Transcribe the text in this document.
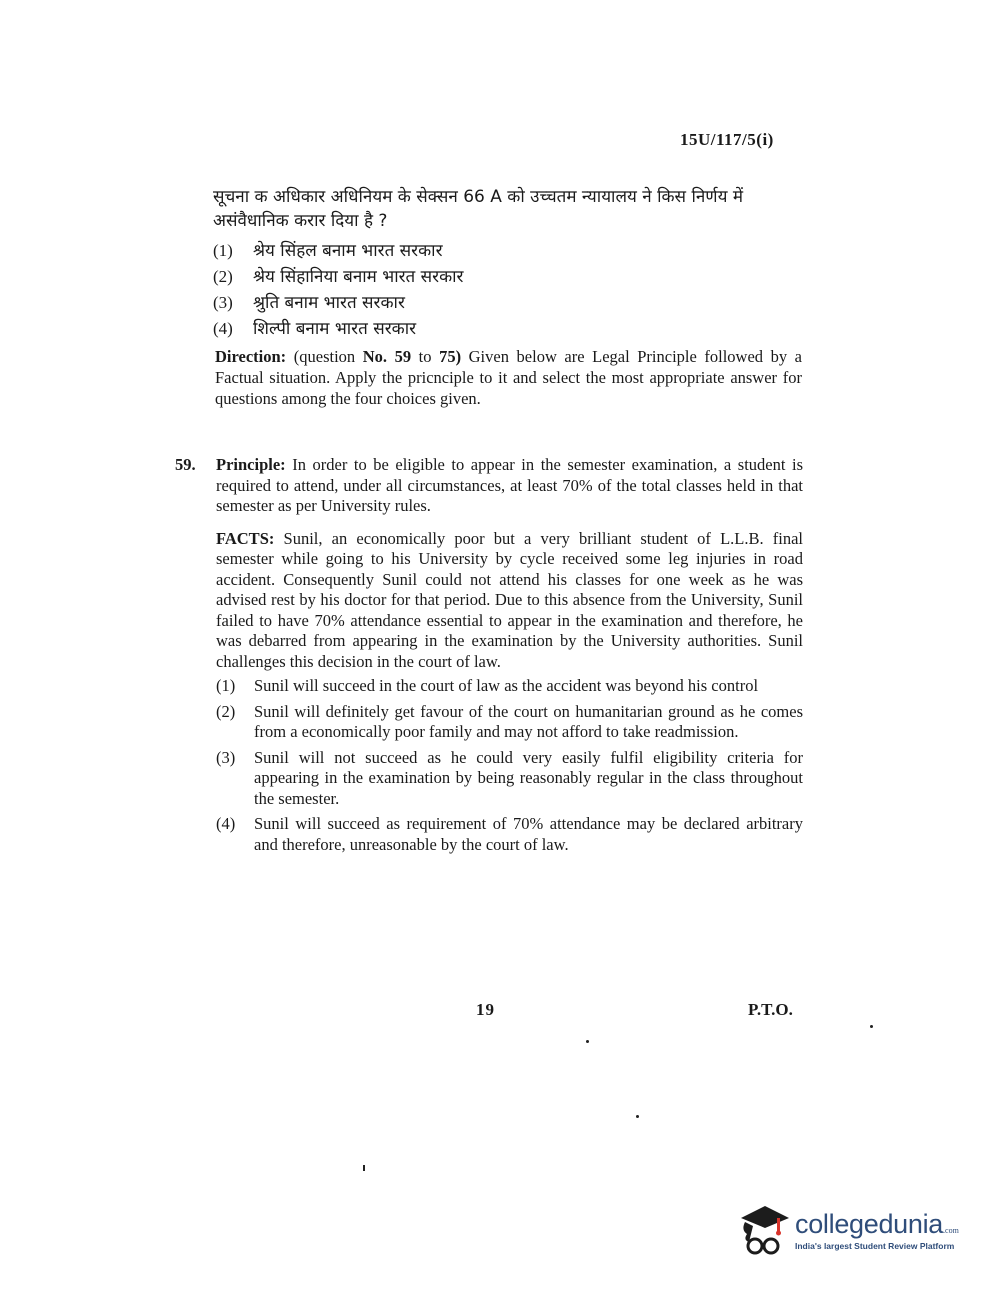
15U/117/5(i)

सूचना क अधिकार अधिनियम के सेक्सन 66 A को उच्चतम न्यायालय ने किस निर्णय में असंवैधानिक करार दिया है ?

(1)	श्रेय सिंहल बनाम भारत सरकार
(2)	श्रेय सिंहानिया बनाम भारत सरकार
(3)	श्रुति बनाम भारत सरकार
(4)	शिल्पी बनाम भारत सरकार
Direction: (question No. 59 to 75) Given below are Legal Principle followed by a Factual situation. Apply the pricnciple to it and select the most appropriate answer for questions among the four choices given.
59. Principle: In order to be eligible to appear in the semester examination, a student is required to attend, under all circumstances, at least 70% of the total classes held in that semester as per University rules.
FACTS: Sunil, an economically poor but a very brilliant student of L.L.B. final semester while going to his University by cycle received some leg injuries in road accident. Consequently Sunil could not attend his classes for one week as he was advised rest by his doctor for that period. Due to this absence from the University, Sunil failed to have 70% attendance essential to appear in the examination and therefore, he was debarred from appearing in the examination by the University authorities. Sunil challenges this decision in the court of law.
(1)	Sunil will succeed in the court of law as the accident was beyond his control
(2)	Sunil will definitely get favour of the court on humanitarian ground as he comes from a economically poor family and may not afford to take readmission.
(3)	Sunil will not succeed as he could very easily fulfil eligibility criteria for appearing in the examination by being reasonably regular in the class throughout the semester.
(4)	Sunil will succeed as requirement of 70% attendance may be declared arbitrary and therefore, unreasonable by the court of law.
19	P.T.O.
collegedunia.com
India's largest Student Review Platform
